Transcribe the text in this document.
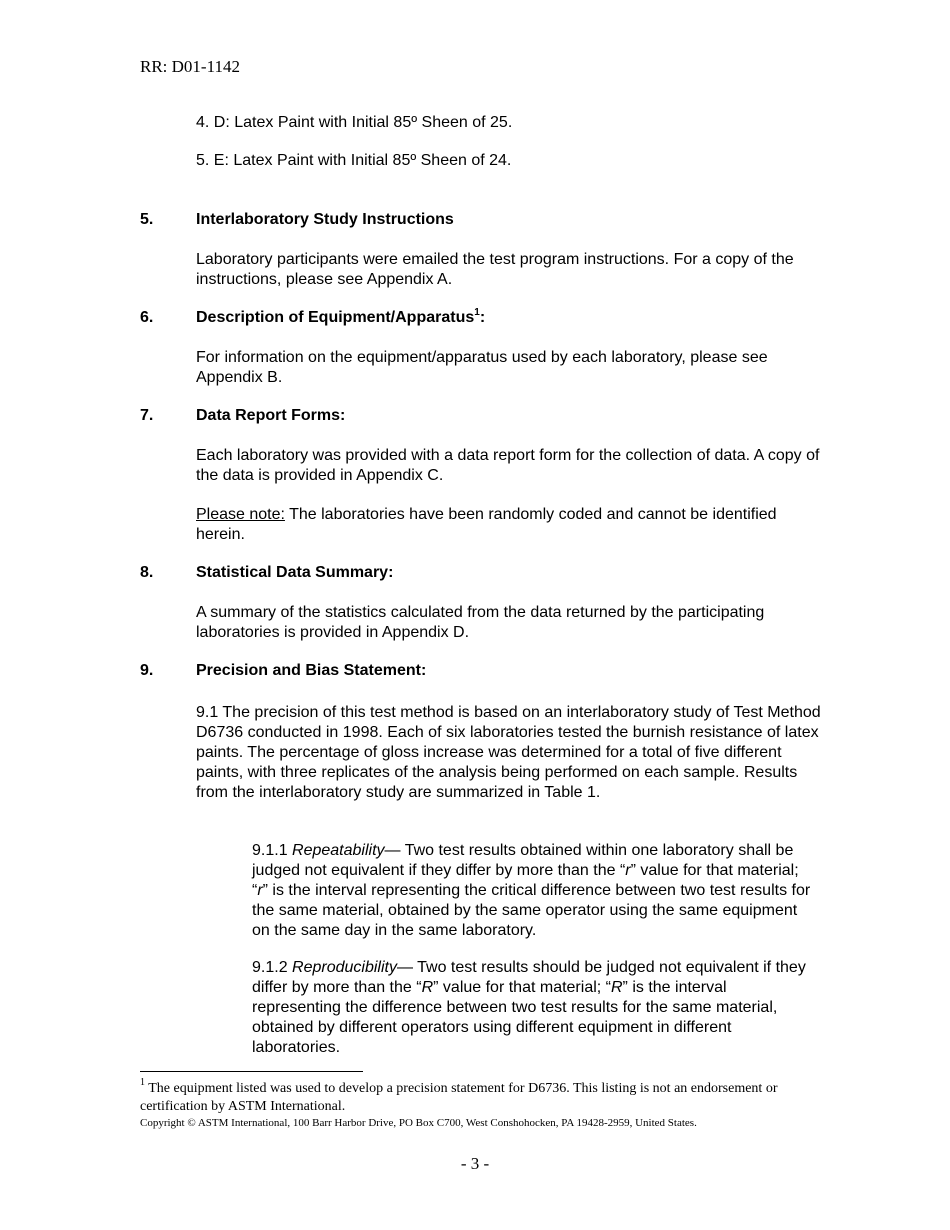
RR: D01-1142
4. D: Latex Paint with Initial 85º Sheen of 25.
5. E: Latex Paint with Initial 85º Sheen of 24.
5.	Interlaboratory Study Instructions
Laboratory participants were emailed the test program instructions. For a copy of the instructions, please see Appendix A.
6.	Description of Equipment/Apparatus$^1$:
For information on the equipment/apparatus used by each laboratory, please see Appendix B.
7.	Data Report Forms:
Each laboratory was provided with a data report form for the collection of data. A copy of the data is provided in Appendix C.
Please note: The laboratories have been randomly coded and cannot be identified herein.
8.	Statistical Data Summary:
A summary of the statistics calculated from the data returned by the participating laboratories is provided in Appendix D.
9.	Precision and Bias Statement:
9.1 The precision of this test method is based on an interlaboratory study of Test Method D6736 conducted in 1998. Each of six laboratories tested the burnish resistance of latex paints. The percentage of gloss increase was determined for a total of five different paints, with three replicates of the analysis being performed on each sample. Results from the interlaboratory study are summarized in Table 1.
9.1.1 Repeatability— Two test results obtained within one laboratory shall be judged not equivalent if they differ by more than the “r” value for that material; “r” is the interval representing the critical difference between two test results for the same material, obtained by the same operator using the same equipment on the same day in the same laboratory.
9.1.2 Reproducibility— Two test results should be judged not equivalent if they differ by more than the “R” value for that material; “R” is the interval representing the difference between two test results for the same material, obtained by different operators using different equipment in different laboratories.
$^1$ The equipment listed was used to develop a precision statement for D6736. This listing is not an endorsement or certification by ASTM International.
Copyright © ASTM International, 100 Barr Harbor Drive, PO Box C700, West Conshohocken, PA 19428-2959, United States.
- 3 -
